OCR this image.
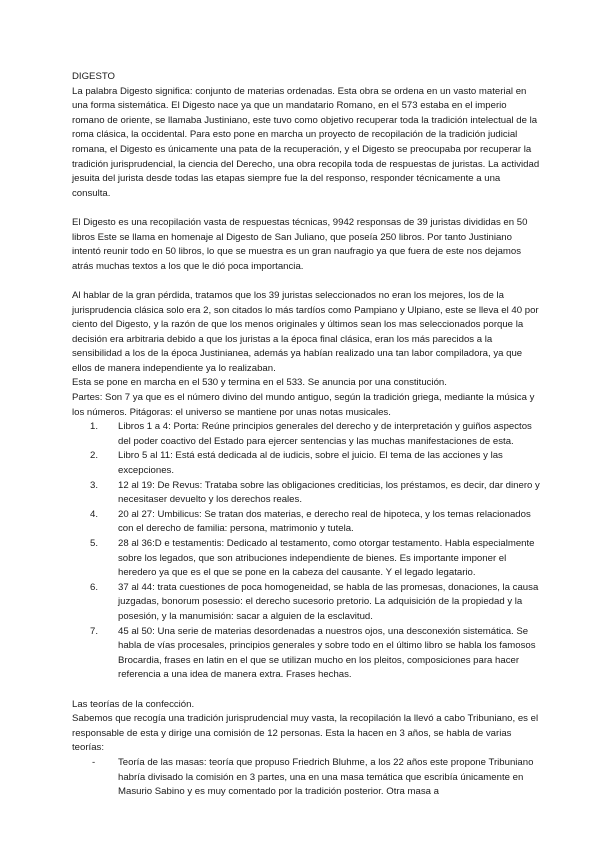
DIGESTO

La palabra Digesto significa: conjunto de materias ordenadas. Esta obra se ordena en un vasto material en una forma sistemática. El Digesto nace ya que un mandatario Romano, en el 573 estaba en el imperio romano de oriente, se llamaba Justiniano, este tuvo como objetivo recuperar toda la tradición intelectual de la roma clásica, la occidental. Para esto pone en marcha un proyecto de recopilación de la tradición judicial romana, el Digesto es únicamente una pata de la recuperación, y el Digesto se preocupaba por recuperar la tradición jurisprudencial, la ciencia del Derecho, una obra recopila toda de respuestas de juristas. La actividad jesuita del jurista desde todas las etapas siempre fue la del responso, responder técnicamente a una consulta.

El Digesto es una recopilación vasta de respuestas técnicas, 9942 responsas de 39 juristas divididas en 50 libros Este se llama en homenaje al Digesto de San Juliano, que poseía 250 libros. Por tanto Justiniano intentó reunir todo en 50 libros, lo que se muestra es un gran naufragio ya que fuera de este nos dejamos atrás muchas textos a los que le dió poca importancia.

Al hablar de la gran pérdida, tratamos que los 39 juristas seleccionados no eran los mejores, los de la jurisprudencia clásica solo era 2, son citados lo más tardíos como Pampiano y Ulpiano, este se lleva el 40 por ciento del Digesto, y la razón de que los menos originales y últimos sean los mas seleccionados porque la decisión era arbitraria debido a que los juristas a la época final clásica, eran los más parecidos a la sensibilidad a los de la época Justinianea, además ya habían realizado una tan labor compiladora, ya que ellos de manera independiente ya lo realizaban.

Esta se pone en marcha en el 530 y termina en el 533. Se anuncia por una constitución.

Partes: Son 7 ya que es el número divino del mundo antiguo, según la tradición griega, mediante la música y los números. Pitágoras: el universo se mantiene por unas notas musicales.

1.	Libros 1 a 4: Porta: Reúne principios generales del derecho y de interpretación y guiños aspectos del poder coactivo del Estado para ejercer sentencias y las muchas manifestaciones de esta.
2.	Libro 5 al 11: Está está dedicada al de iudicis, sobre el juicio. El tema de las acciones y las excepciones.
3.	12 al 19: De Revus: Trataba sobre las obligaciones crediticias, los préstamos, es decir, dar dinero y necesitaser devuelto y los derechos reales.
4.	20 al 27: Umbilicus: Se tratan dos materias, e derecho real de hipoteca, y los temas relacionados con el derecho de familia: persona, matrimonio y tutela.
5.	28 al 36:D e testamentis: Dedicado al testamento, como otorgar testamento. Habla especialmente sobre los legados, que son atribuciones independiente de bienes. Es importante imponer el heredero ya que es el que se pone en la cabeza del causante. Y el legado legatario.
6.	37 al 44: trata cuestiones de poca homogeneidad, se habla de las promesas, donaciones, la causa juzgadas, bonorum posessio: el derecho sucesorio pretorio. La adquisición de la propiedad y la posesión, y la manumisión: sacar a alguien de la esclavitud.
7.	45 al 50: Una serie de materias desordenadas a nuestros ojos, una desconexión sistemática. Se habla de vías procesales, principios generales y sobre todo en el último libro se habla los famosos Brocardia, frases en latin en el que se utilizan mucho en los pleitos, composiciones para hacer referencia a una idea de manera extra. Frases hechas.

Las teorías de la confección.

Sabemos que recogía una tradición jurisprudencial muy vasta, la recopilación la llevó a cabo Tribuniano, es el responsable de esta y dirige una comisión de 12 personas. Esta la hacen en 3 años, se habla de varias teorías:

- Teoría de las masas: teoría que propuso Friedrich Bluhme, a los 22 años este propone Tribuniano habría divisado la comisión en 3 partes, una en una masa temática que escribía únicamente en Masurio Sabino y es muy comentado por la tradición posterior. Otra masa a
